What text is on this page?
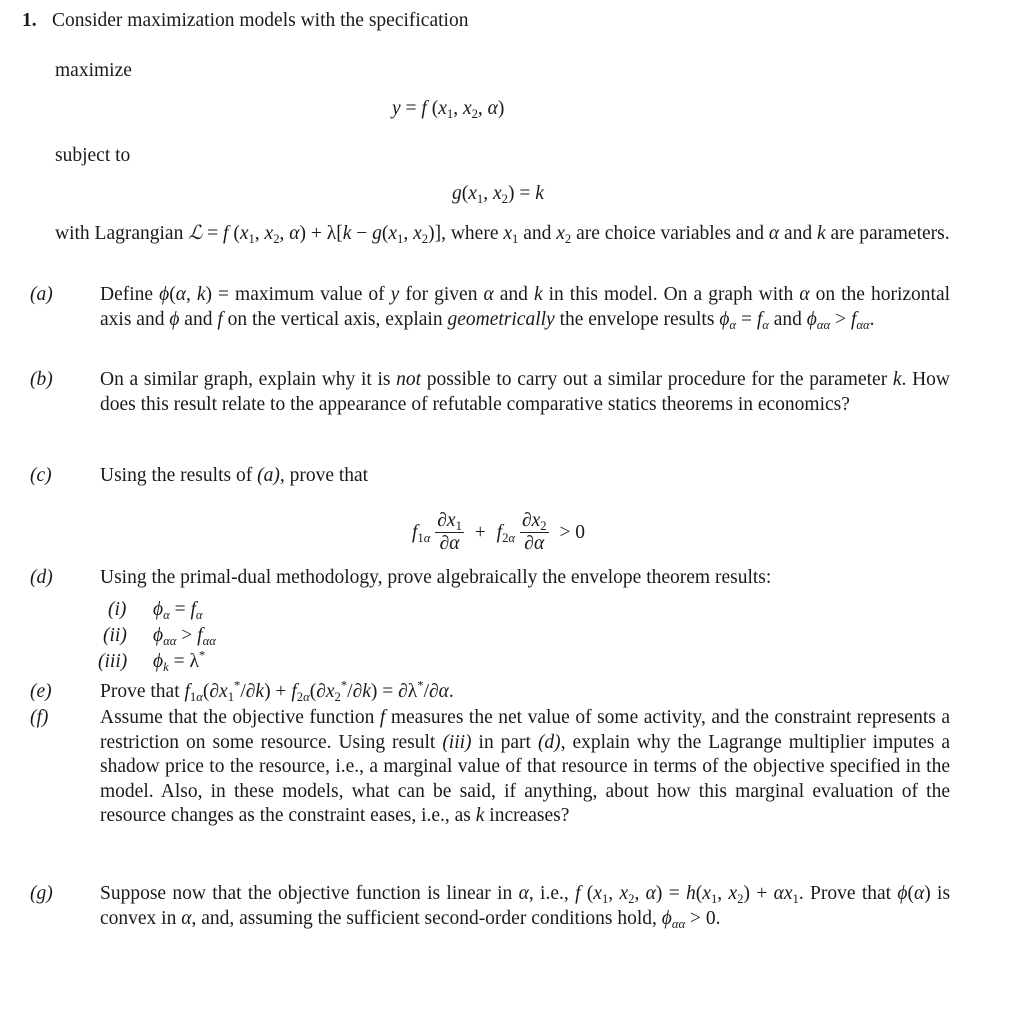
1. Consider maximization models with the specification
maximize
y = f ($x_1$, $x_2$, α)
subject to
$g(x_1$, $x_2) = k$
with Lagrangian ℒ = f ($x_1$, $x_2$, $\alpha) + \lambda[k - g(x_1$, $x_2$)], where $x_1$ and $x_2$ are choice variables and α and k are parameters.
(a) Define ϕ(α, k) = maximum value of y for given α and k in this model. On a graph with α on the horizontal axis and ϕ and f on the vertical axis, explain geometrically the envelope results $\phi_\alpha = f_\alpha$ and $\phi_{\alpha\alpha} > f_{\alpha\alpha}$.
(b) On a similar graph, explain why it is not possible to carry out a similar procedure for the parameter k. How does this result relate to the appearance of refutable comparative statics theorems in economics?
(c) Using the results of (a), prove that
$f_{1\alpha} \frac{\partial x_1}{\partial\alpha} + f_{2\alpha} \frac{\partial x_2}{\partial\alpha} > 0$
(d) Using the primal-dual methodology, prove algebraically the envelope theorem results:
(i) $\phi_\alpha = f_\alpha$
(ii) $\phi_{\alpha\alpha} > f_{\alpha\alpha}$
(iii) $\phi_k = \lambda^*$
(e) Prove that $f_{1\alpha}(\partial x_1^*/\partial k) + f_{2\alpha}(\partial x_2^*/\partial k) = \partial\lambda^*/\partial\alpha$.
(f)	Assume that the objective function f measures the net value of some activity, and the constraint represents a restriction on some resource. Using result (iii) in part (d), explain why the Lagrange multiplier imputes a shadow price to the resource, i.e., a marginal value of that resource in terms of the objective specified in the model. Also, in these models, what can be said, if anything, about how this marginal evaluation of the resource changes as the constraint eases, i.e., as k increases?
(g) Suppose now that the objective function is linear in α, i.e., f ($x_1$, $x_2$, $\alpha) = h(x_1$, $x_2) + \alpha x_1$. Prove that ϕ(α) is convex in α, and, assuming the sufficient second-order conditions hold, $\phi_{\alpha\alpha} > 0$.
